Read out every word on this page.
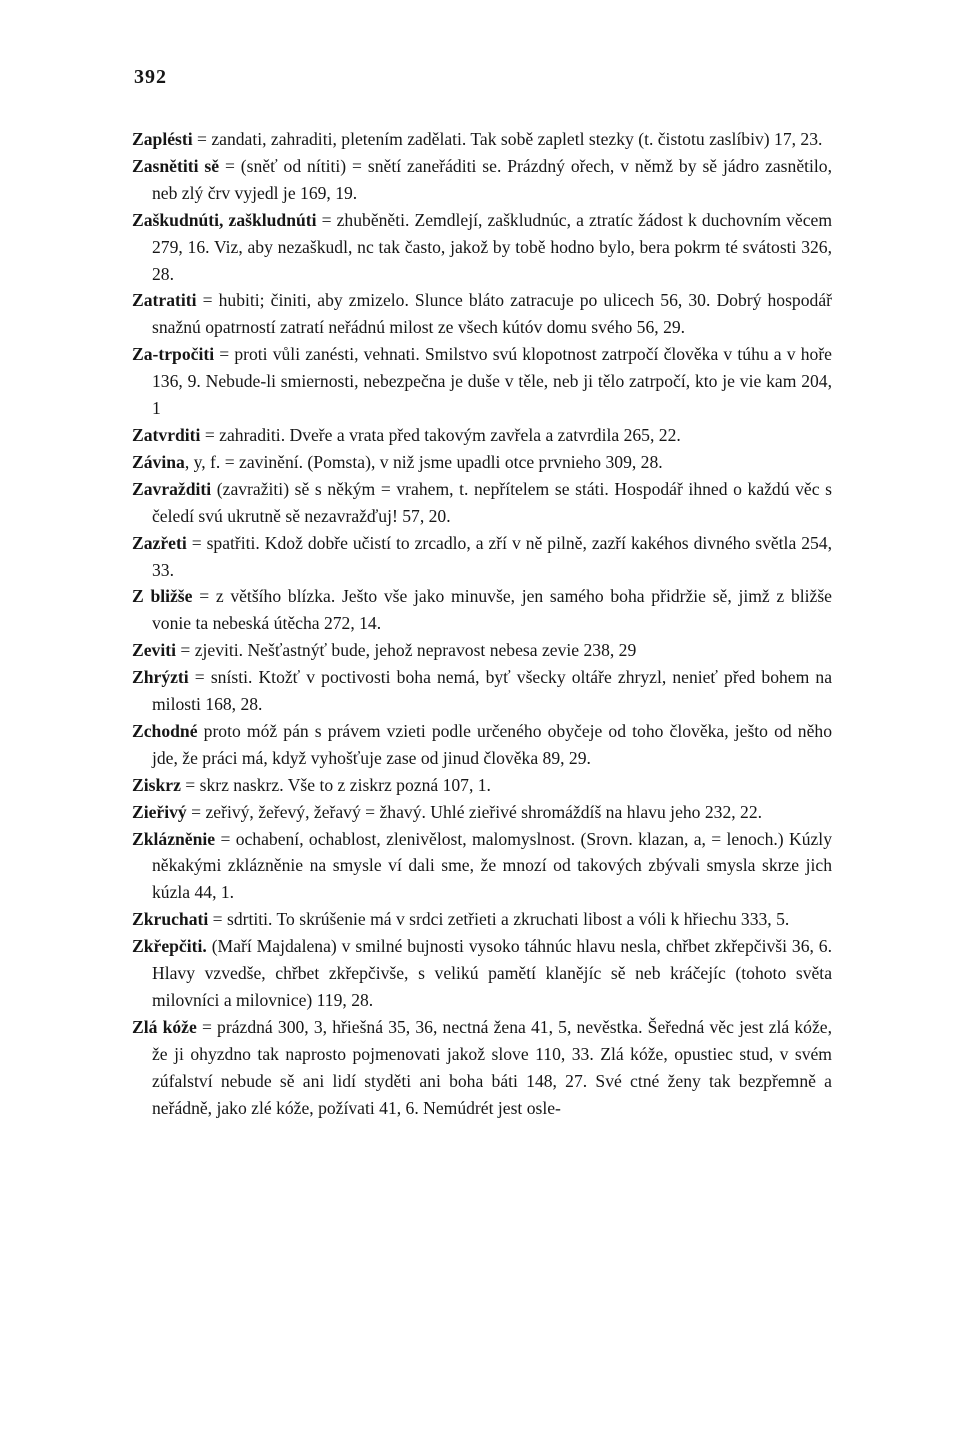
392

Zaplésti = zandati, zahraditi, pletením zadělati. Tak sobě zapletl stezky (t. čistotu zaslíbiv) 17, 23.

Zasnětiti sě = (sněť od nítiti) = snětí zaneřáditi se. Prázdný ořech, v němž by sě jádro zasnětilo, neb zlý črv vyjedl je 169, 19.

Zaškudnúti, zaškludnúti = zhuběněti. Zemdlejí, zaškludnúc, a ztratíc žádost k duchovním věcem 279, 16. Viz, aby nezaškudl, nc tak často, jakož by tobě hodno bylo, bera pokrm té svátosti 326, 28.

Zatratiti = hubiti; činiti, aby zmizelo. Slunce bláto zatracuje po ulicech 56, 30. Dobrý hospodář snažnú opatrností zatratí neřádnú milost ze všech kútóv domu svého 56, 29.

Za-trpočiti = proti vůli zanésti, vehnati. Smilstvo svú klopotnost zatrpočí člověka v túhu a v hoře 136, 9. Nebude-li smiernosti, nebezpečna je duše v těle, neb ji tělo zatrpočí, kto je vie kam 204, 1

Zatvrditi = zahraditi. Dveře a vrata před takovým zavřela a zatvrdila 265, 22.

Závina, y, f. = zavinění. (Pomsta), v niž jsme upadli otce prvnieho 309, 28.

Zavražditi (zavražiti) sě s někým = vrahem, t. nepřítelem se státi. Hospodář ihned o každú věc s čeledí svú ukrutně sě nezavražďuj! 57, 20.

Zazřeti = spatřiti. Kdož dobře učistí to zrcadlo, a zří v ně pilně, zazří kakéhos divného světla 254, 33.

Z bližše = z většího blízka. Ješto vše jako minuvše, jen samého boha přidržie sě, jimž z bližše vonie ta nebeská útěcha 272, 14.

Zeviti = zjeviti. Nešťastnýť bude, jehož nepravost nebesa zevie 238, 29

Zhrýzti = snísti. Ktožť v poctivosti boha nemá, byť všecky oltáře zhryzl, nenieť před bohem na milosti 168, 28.

Zchodné proto móž pán s právem vzieti podle určeného obyčeje od toho člověka, ješto od něho jde, že práci má, když vyhošťuje zase od jinud člověka 89, 29.

Ziskrz = skrz naskrz. Vše to z ziskrz pozná 107, 1.

Zieřivý = zeřivý, žeřevý, žeřavý = žhavý. Uhlé zieřivé shromáždíš na hlavu jeho 232, 22.

Zklázněnie = ochabení, ochablost, zlenivělost, malomyslnost. (Srovn. klazan, a, = lenoch.) Kúzly někakými zklázněnie na smysle ví dali sme, že mnozí od takových zbývali smysla skrze jich kúzla 44, 1.

Zkruchati = sdrtiti. To skrúšenie má v srdci zetřieti a zkruchati libost a vóli k hřiechu 333, 5.

Zkřepčiti. (Maří Majdalena) v smilné bujnosti vysoko táhnúc hlavu nesla, chřbet zkřepčivši 36, 6. Hlavy vzvedše, chřbet zkřepčivše, s velikú pamětí klanějíc sě neb kráčejíc (tohoto světa milovníci a milovnice) 119, 28.

Zlá kóže = prázdná 300, 3, hřiešná 35, 36, nectná žena 41, 5, nevěstka. Šeředná věc jest zlá kóže, že ji ohyzdno tak naprosto pojmenovati jakož slove 110, 33. Zlá kóže, opustiec stud, v svém zúfalství nebude sě ani lidí styděti ani boha báti 148, 27. Své ctné ženy tak bezpřemně a neřádně, jako zlé kóže, požívati 41, 6. Nemúdrét jest osle-
